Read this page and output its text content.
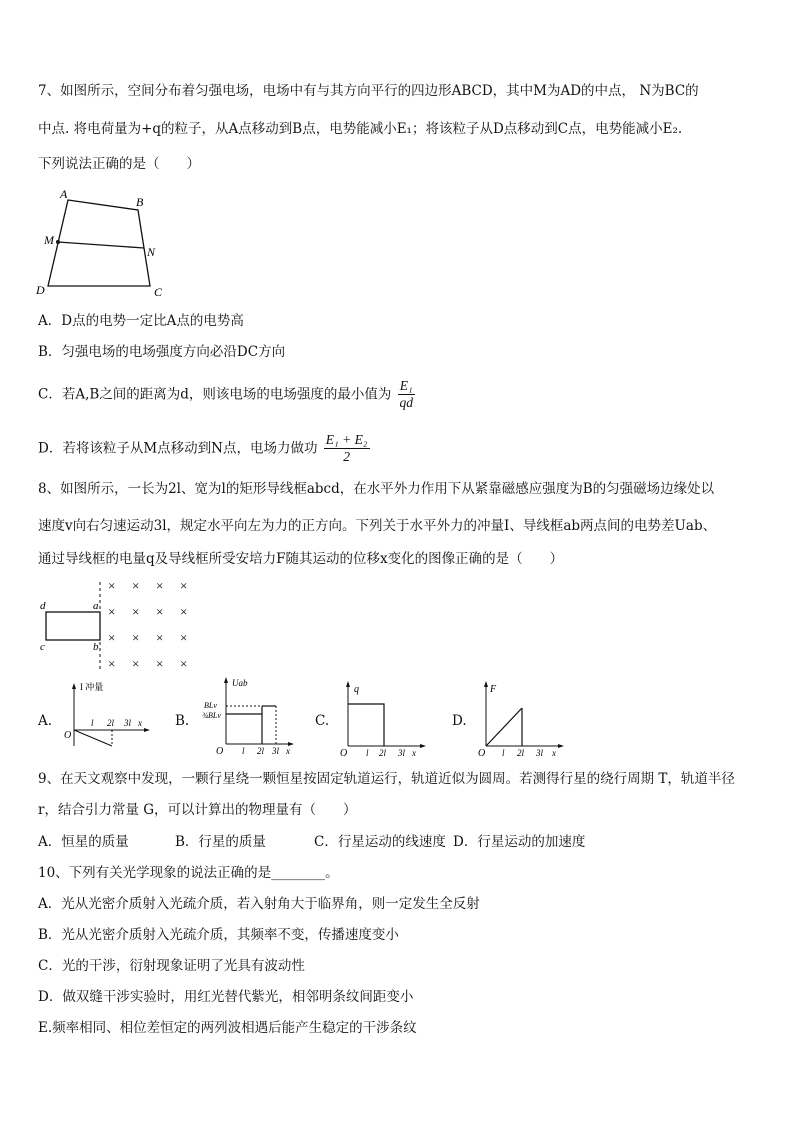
7、如图所示，空间分布着匀强电场，电场中有与其方向平行的四边形ABCD，其中M为AD的中点， N为BC的
中点. 将电荷量为+q的粒子，从A点移动到B点，电势能减小E₁；将该粒子从D点移动到C点，电势能减小E₂.
下列说法正确的是（　　）
A
B
M
N
D	C
A．D点的电势一定比A点的电势高
B．匀强电场的电场强度方向必沿DC方向
C．若A,B之间的距离为d，则该电场的电场强度的最小值为 $\frac{\text{E₁}}{qd}$
D．若将该粒子从M点移动到N点，电场力做功 $\frac{\text{E₁ + E₂}}{2}$
8、如图所示，一长为2l、宽为l的矩形导线框abcd，在水平外力作用下从紧靠磁感应强度为B的匀强磁场边缘处以
速度v向右匀速运动3l，规定水平向左为力的正方向。下列关于水平外力的冲量I、导线框ab两点间的电势差Uab、
通过导线框的电量q及导线框所受安培力F随其运动的位移x变化的图像正确的是（　　）
d	a
c	b
× × × ×
× × × ×
× × × ×
× × × ×
A.
I 冲量
O
l 2l 3l x B.
Uab
BLv
¾BLv
O l 2l 3l x
C.
q
O l 2l 3l x
D.
F
O l 2l 3l x
9、在天文观察中发现，一颗行星绕一颗恒星按固定轨道运行，轨道近似为圆周。若测得行星的绕行周期 T，轨道半径
r，结合引力常量 G，可以计算出的物理量有（　　）
A．恒星的质量	B．行星的质量	C．行星运动的线速度 D．行星运动的加速度
10、下列有关光学现象的说法正确的是________。
A．光从光密介质射入光疏介质，若入射角大于临界角，则一定发生全反射
B．光从光密介质射入光疏介质，其频率不变，传播速度变小
C．光的干涉，衍射现象证明了光具有波动性
D．做双缝干涉实验时，用红光替代紫光，相邻明条纹间距变小
E.频率相同、相位差恒定的两列波相遇后能产生稳定的干涉条纹
